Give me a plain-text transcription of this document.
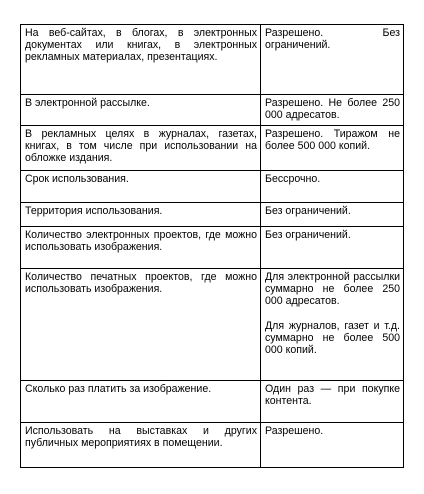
На веб-сайтах, в блогах, в электронных документах или книгах, в электронных рекламных материалах, презентациях.	Разрешено. Без ограничений.

В электронной рассылке.	Разрешено. Не более 250 000 адресатов.

В рекламных целях в журналах, газетах, книгах, в том числе при использовании на обложке издания.	Разрешено. Тиражом не более 500 000 копий.

Срок использования.	Бессрочно.

Территория использования.	Без ограничений.

Количество электронных проектов, где можно использовать изображения.	Без ограничений.

Количество печатных проектов, где можно использовать изображения.	Для электронной рассылки суммарно не более 250 000 адресатов.
Для журналов, газет и т.д. суммарно не более 500 000 копий.

Сколько раз платить за изображение.	Один раз — при покупке контента.

Использовать на выставках и других публичных мероприятиях в помещении.	Разрешено.
